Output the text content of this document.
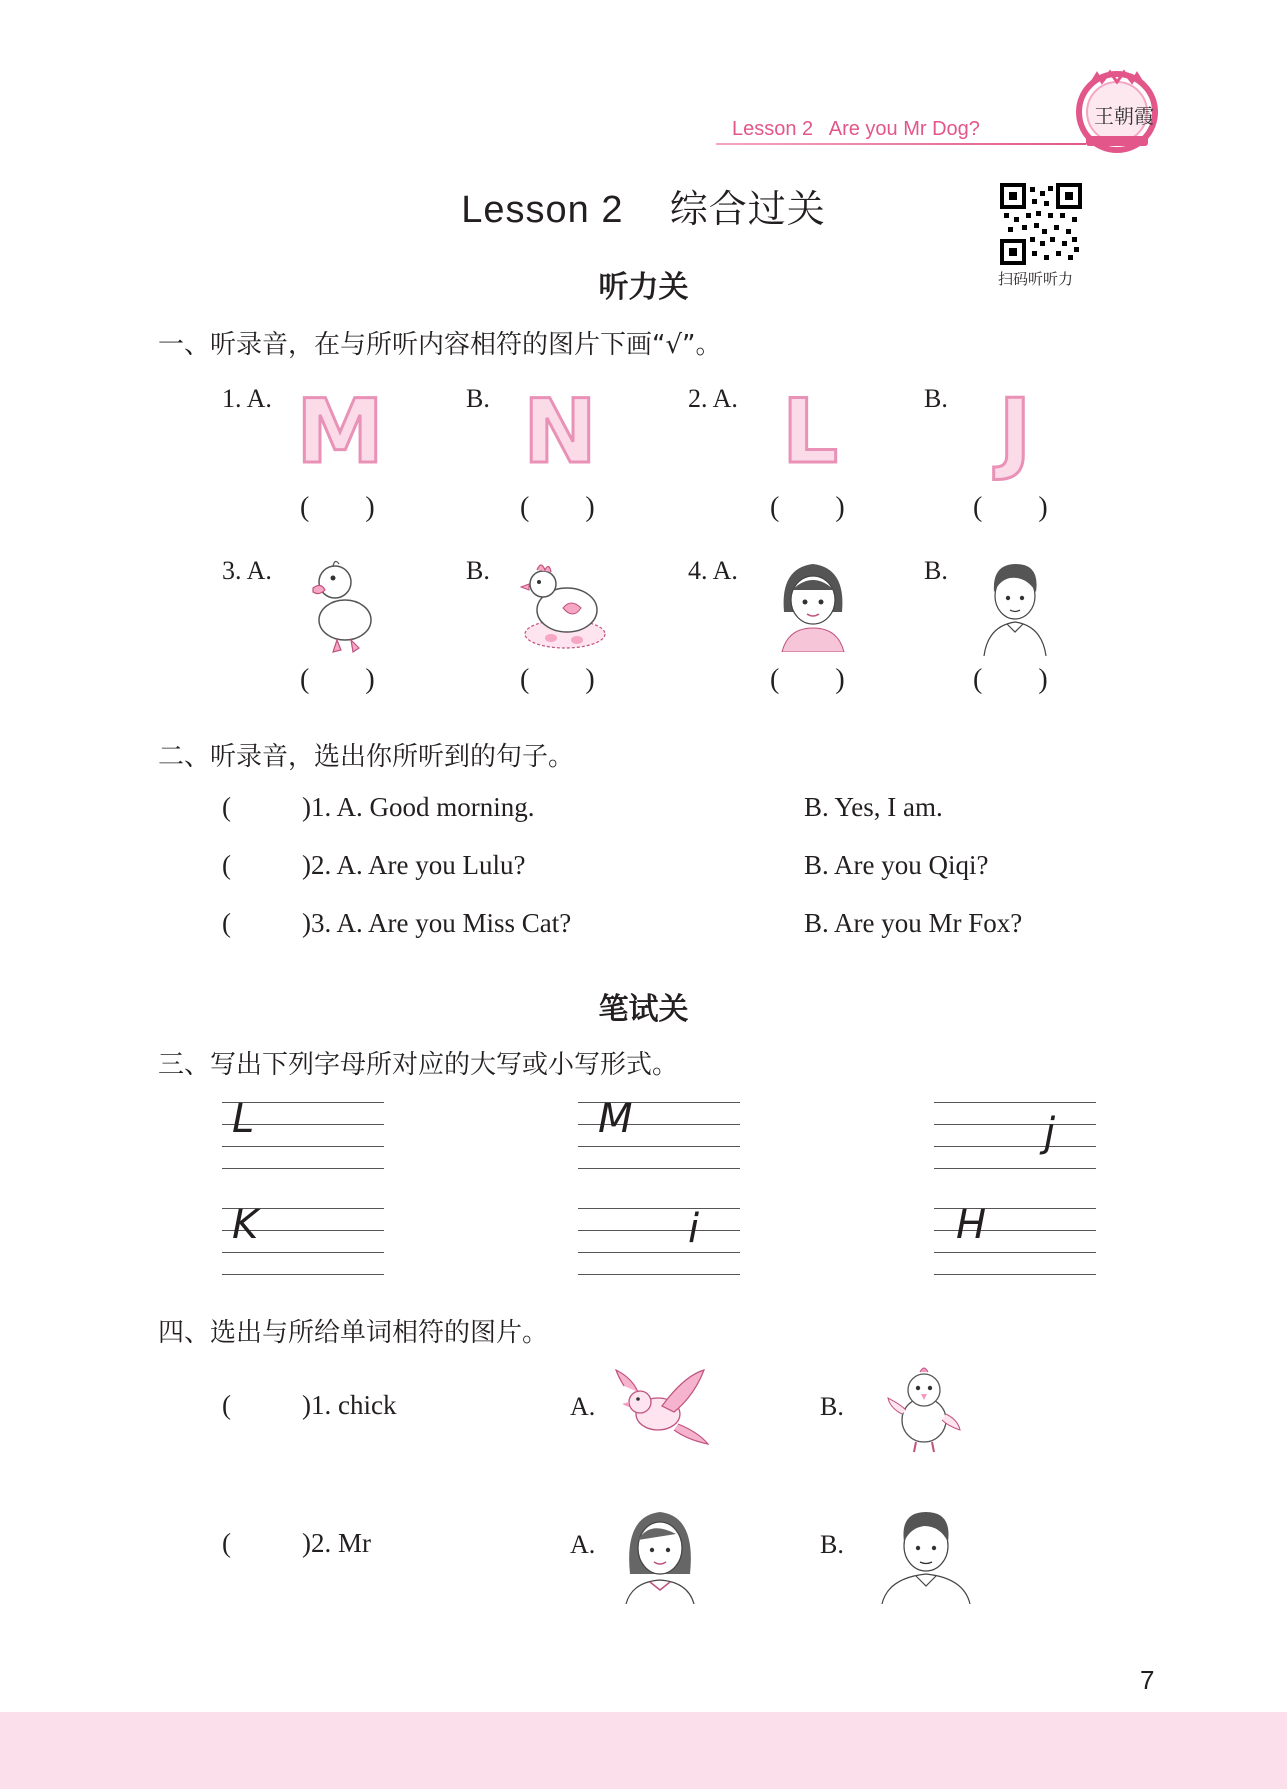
Lesson 2   Are you Mr Dog?
王朝霞
Lesson 2    综合过关
扫码听听力
听力关
一、听录音，在与所听内容相符的图片下画“√”。
1. A. M	B. N	2. A. L	B. J
(        )	(        )	(        )	(        )
3. A.	B.	4. A.	B.
(        )	(        )	(        )	(        )
二、听录音，选出你所听到的句子。
(	)1. A. Good morning.	B. Yes, I am.
(	)2. A. Are you Lulu?	B. Are you Qiqi?
(	)3. A. Are you Miss Cat?	B. Are you Mr Fox?
笔试关
三、写出下列字母所对应的大写或小写形式。
L	M	j
K	i	H
四、选出与所给单词相符的图片。
(	)1. chick	A.	B.
(	)2. Mr	A.	B.
7
